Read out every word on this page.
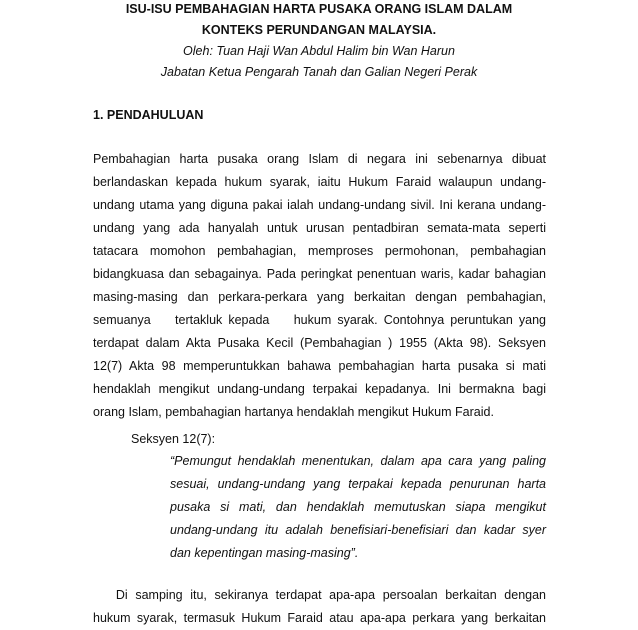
ISU-ISU PEMBAHAGIAN HARTA PUSAKA ORANG ISLAM DALAM
KONTEKS PERUNDANGAN MALAYSIA.
Oleh: Tuan Haji Wan Abdul Halim bin Wan Harun
Jabatan Ketua Pengarah Tanah dan Galian Negeri Perak
1. PENDAHULUAN
Pembahagian harta pusaka orang Islam di negara ini sebenarnya dibuat
berlandaskan kepada hukum syarak, iaitu Hukum Faraid walaupun undang-
undang utama yang diguna pakai ialah undang-undang sivil. Ini kerana undang-
undang yang ada hanyalah untuk urusan pentadbiran semata-mata seperti
tatacara momohon pembahagian, memproses permohonan, pembahagian
bidangkuasa dan sebagainya. Pada peringkat penentuan waris, kadar bahagian
masing-masing dan perkara-perkara yang berkaitan dengan pembahagian,
semuanya    tertakluk kepada    hukum syarak. Contohnya peruntukan yang
terdapat dalam Akta Pusaka Kecil (Pembahagian ) 1955 (Akta 98). Seksyen
12(7) Akta 98 memperuntukkan bahawa pembahagian harta pusaka si mati
hendaklah mengikut undang-undang terpakai kepadanya. Ini bermakna bagi
orang Islam, pembahagian hartanya hendaklah mengikut Hukum Faraid.
Seksyen 12(7):
“Pemungut hendaklah menentukan, dalam apa cara yang paling
sesuai, undang-undang yang terpakai kepada penurunan harta
pusaka si mati, dan hendaklah memutuskan siapa mengikut
undang-undang itu adalah benefisiari-benefisiari dan kadar syer
dan kepentingan masing-masing”.
Di samping itu, sekiranya terdapat apa-apa persoalan berkaitan dengan
hukum syarak, termasuk Hukum Faraid atau apa-apa perkara yang berkaitan
